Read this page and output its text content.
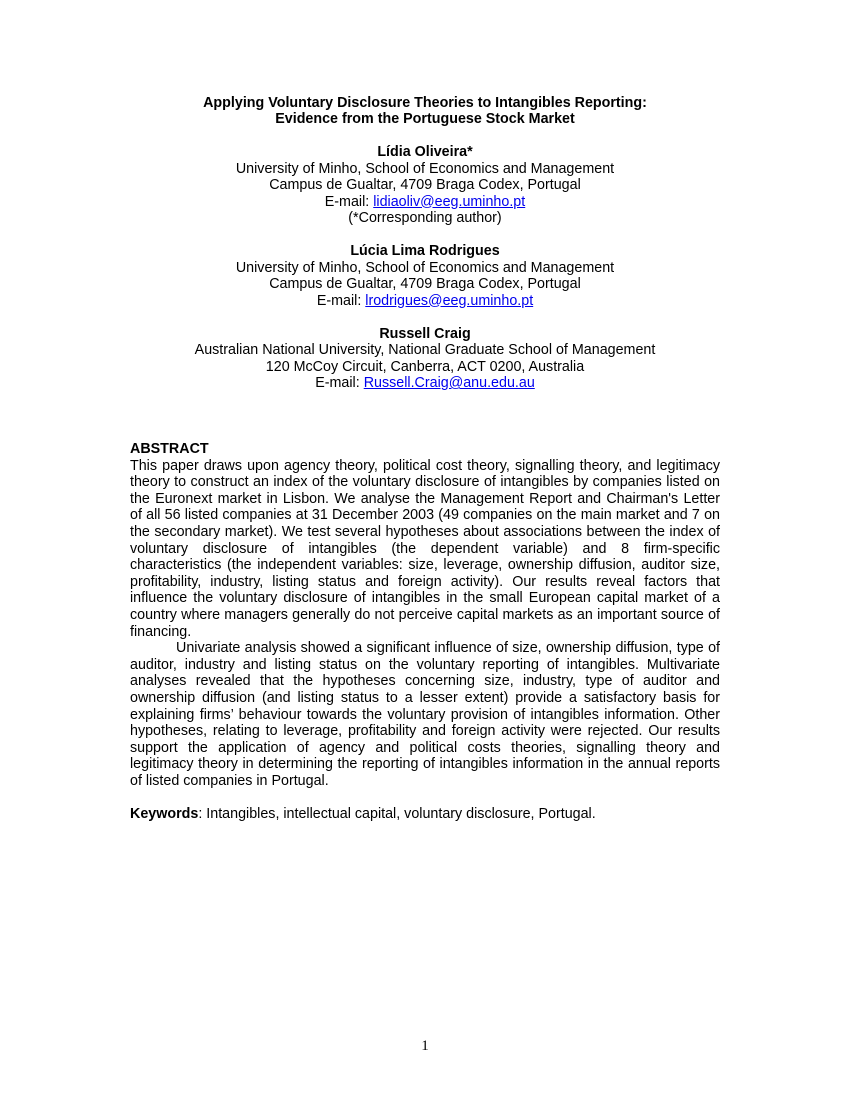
Applying Voluntary Disclosure Theories to Intangibles Reporting:
Evidence from the Portuguese Stock Market
Lídia Oliveira*
University of Minho, School of Economics and Management
Campus de Gualtar, 4709 Braga Codex, Portugal
E-mail: lidiaoliv@eeg.uminho.pt
(*Corresponding author)
Lúcia Lima Rodrigues
University of Minho, School of Economics and Management
Campus de Gualtar, 4709 Braga Codex, Portugal
E-mail: lrodrigues@eeg.uminho.pt
Russell Craig
Australian National University, National Graduate School of Management
120 McCoy Circuit, Canberra, ACT 0200, Australia
E-mail: Russell.Craig@anu.edu.au
ABSTRACT
This paper draws upon agency theory, political cost theory, signalling theory, and legitimacy
theory to construct an index of the voluntary disclosure of intangibles by companies listed on
the Euronext market in Lisbon. We analyse the Management Report and Chairman's Letter
of all 56 listed companies at 31 December 2003 (49 companies on the main market and 7 on
the secondary market). We test several hypotheses about associations between the index of
voluntary disclosure of intangibles (the dependent variable) and 8 firm-specific
characteristics (the independent variables: size, leverage, ownership diffusion, auditor size,
profitability, industry, listing status and foreign activity). Our results reveal factors that
influence the voluntary disclosure of intangibles in the small European capital market of a
country where managers generally do not perceive capital markets as an important source of
financing.
Univariate analysis showed a significant influence of size, ownership diffusion, type of
auditor, industry and listing status on the voluntary reporting of intangibles. Multivariate
analyses revealed that the hypotheses concerning size, industry, type of auditor and
ownership diffusion (and listing status to a lesser extent) provide a satisfactory basis for
explaining firms’ behaviour towards the voluntary provision of intangibles information. Other
hypotheses, relating to leverage, profitability and foreign activity were rejected. Our results
support the application of agency and political costs theories, signalling theory and
legitimacy theory in determining the reporting of intangibles information in the annual reports
of listed companies in Portugal.
Keywords: Intangibles, intellectual capital, voluntary disclosure, Portugal.
1
